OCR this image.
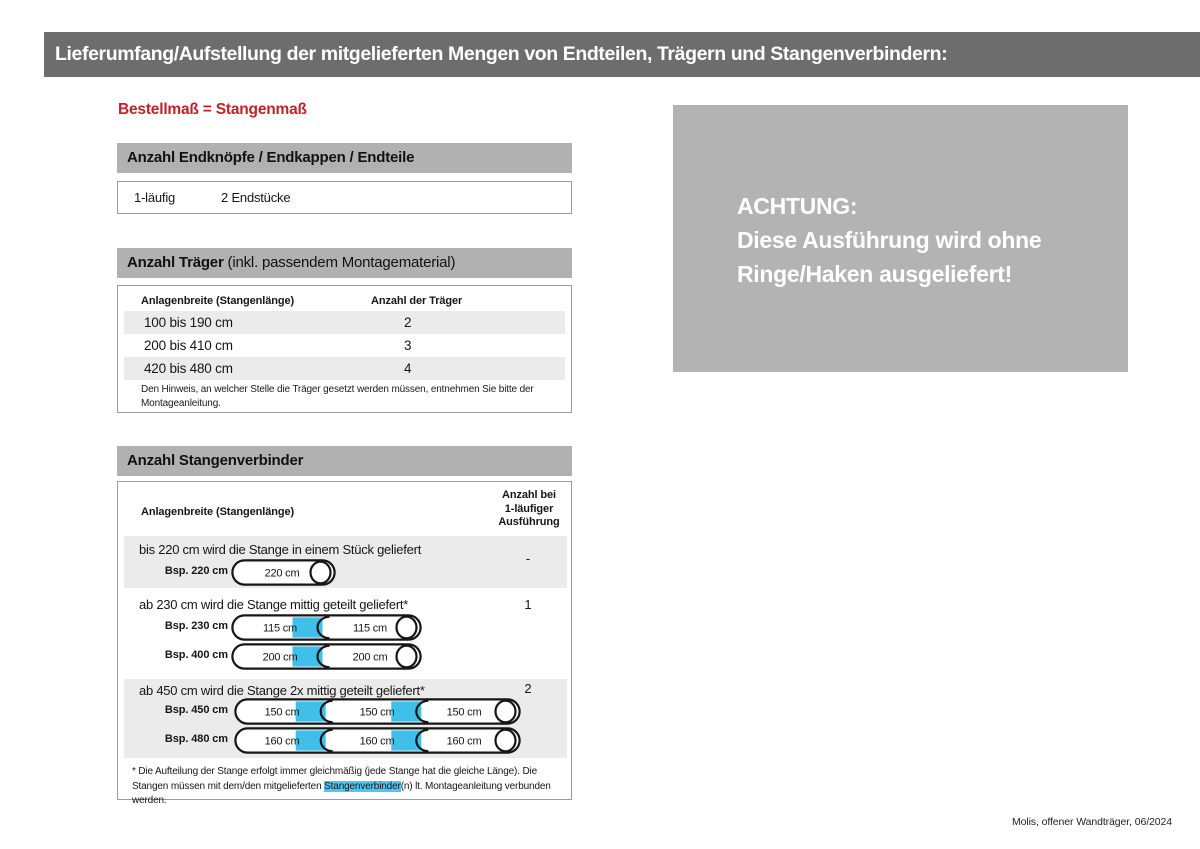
Lieferumfang/Aufstellung der mitgelieferten Mengen von Endteilen, Trägern und Stangenverbindern:
Bestellmaß = Stangenmaß
Anzahl Endknöpfe / Endkappen / Endteile
1-läufig	2 Endstücke
Anzahl Träger (inkl. passendem Montagematerial)
Anlagenbreite (Stangenlänge)	Anzahl der Träger
100 bis 190 cm	2
200 bis 410 cm	3
420 bis 480 cm	4
Den Hinweis, an welcher Stelle die Träger gesetzt werden müssen, entnehmen Sie bitte der Montageanleitung.
Anzahl Stangenverbinder
Anlagenbreite (Stangenlänge)
Anzahl bei
1-läufiger
Ausführung
bis 220 cm wird die Stange in einem Stück geliefert
Bsp. 220 cm	220 cm
-
ab 230 cm wird die Stange mittig geteilt geliefert*
Bsp. 230 cm	115 cm	115 cm
Bsp. 400 cm	200 cm	200 cm
1
ab 450 cm wird die Stange 2x mittig geteilt geliefert*
Bsp. 450 cm	150 cm	150 cm	150 cm
Bsp. 480 cm	160 cm	160 cm	160 cm
2
* Die Aufteilung der Stange erfolgt immer gleichmäßig (jede Stange hat die gleiche Länge). Die Stangen müssen mit dem/den mitgelieferten Stangenverbinder(n) lt. Montageanleitung verbunden werden.
ACHTUNG:
Diese Ausführung wird ohne
Ringe/Haken ausgeliefert!
Molis, offener Wandträger, 06/2024
